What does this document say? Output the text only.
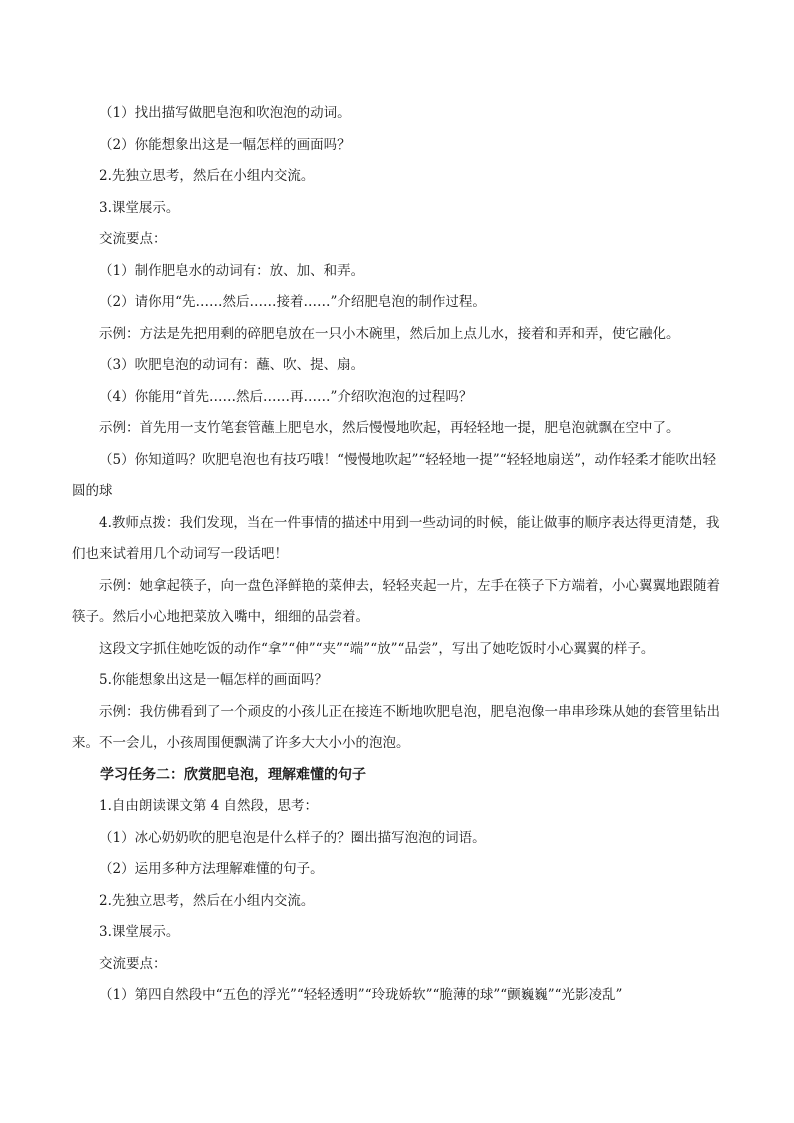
（1）找出描写做肥皂泡和吹泡泡的动词。

（2）你能想象出这是一幅怎样的画面吗？

2.先独立思考，然后在小组内交流。

3.课堂展示。

交流要点：

（1）制作肥皂水的动词有：放、加、和弄。

（2）请你用“先……然后……接着……”介绍肥皂泡的制作过程。

示例：方法是先把用剩的碎肥皂放在一只小木碗里，然后加上点儿水，接着和弄和弄，使它融化。

（3）吹肥皂泡的动词有：蘸、吹、提、扇。

（4）你能用“首先……然后……再……”介绍吹泡泡的过程吗？

示例：首先用一支竹笔套管蘸上肥皂水，然后慢慢地吹起，再轻轻地一提，肥皂泡就飘在空中了。

（5）你知道吗？吹肥皂泡也有技巧哦！“慢慢地吹起”“轻轻地一提”“轻轻地扇送”，动作轻柔才能吹出轻圆的球

4.教师点拨：我们发现，当在一件事情的描述中用到一些动词的时候，能让做事的顺序表达得更清楚，我们也来试着用几个动词写一段话吧！

示例：她拿起筷子，向一盘色泽鲜艳的菜伸去，轻轻夹起一片，左手在筷子下方端着，小心翼翼地跟随着筷子。然后小心地把菜放入嘴中，细细的品尝着。

这段文字抓住她吃饭的动作“拿”“伸”“夹”“端”“放”“品尝”，写出了她吃饭时小心翼翼的样子。

5.你能想象出这是一幅怎样的画面吗？

示例：我仿佛看到了一个顽皮的小孩儿正在接连不断地吹肥皂泡，肥皂泡像一串串珍珠从她的套管里钻出来。不一会儿，小孩周围便飘满了许多大大小小的泡泡。

学习任务二：欣赏肥皂泡，理解难懂的句子

1.自由朗读课文第 4 自然段，思考：

（1）冰心奶奶吹的肥皂泡是什么样子的？圈出描写泡泡的词语。

（2）运用多种方法理解难懂的句子。

2.先独立思考，然后在小组内交流。

3.课堂展示。

交流要点：

（1）第四自然段中“五色的浮光”“轻轻透明”“玲珑娇软”“脆薄的球”“颤巍巍”“光影凌乱”
